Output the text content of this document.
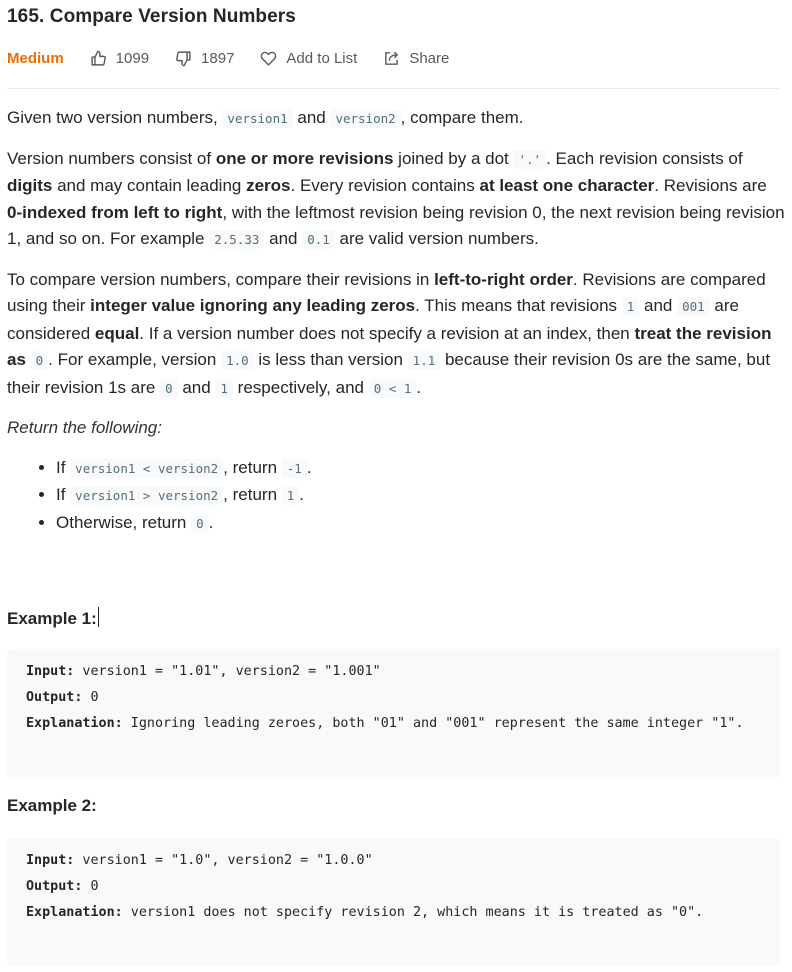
165. Compare Version Numbers
Medium	1099	1897	Add to List	Share

Given two version numbers, version1 and version2 , compare them.

Version numbers consist of one or more revisions joined by a dot '.' . Each revision consists of digits and may contain leading zeros. Every revision contains at least one character. Revisions are 0-indexed from left to right, with the leftmost revision being revision 0, the next revision being revision 1, and so on. For example 2.5.33 and 0.1 are valid version numbers.

To compare version numbers, compare their revisions in left-to-right order. Revisions are compared using their integer value ignoring any leading zeros. This means that revisions 1 and 001 are considered equal. If a version number does not specify a revision at an index, then treat the revision as 0 . For example, version 1.0 is less than version 1.1 because their revision 0s are the same, but their revision 1s are 0 and 1 respectively, and 0 < 1 .

Return the following:

• If version1 < version2 , return -1 .
• If version1 > version2 , return 1 .
• Otherwise, return 0 .
Example 1:
Input: version1 = "1.01", version2 = "1.001"
Output: 0
Explanation: Ignoring leading zeroes, both "01" and "001" represent the same integer "1".
Example 2:
Input: version1 = "1.0", version2 = "1.0.0"
Output: 0
Explanation: version1 does not specify revision 2, which means it is treated as "0".
